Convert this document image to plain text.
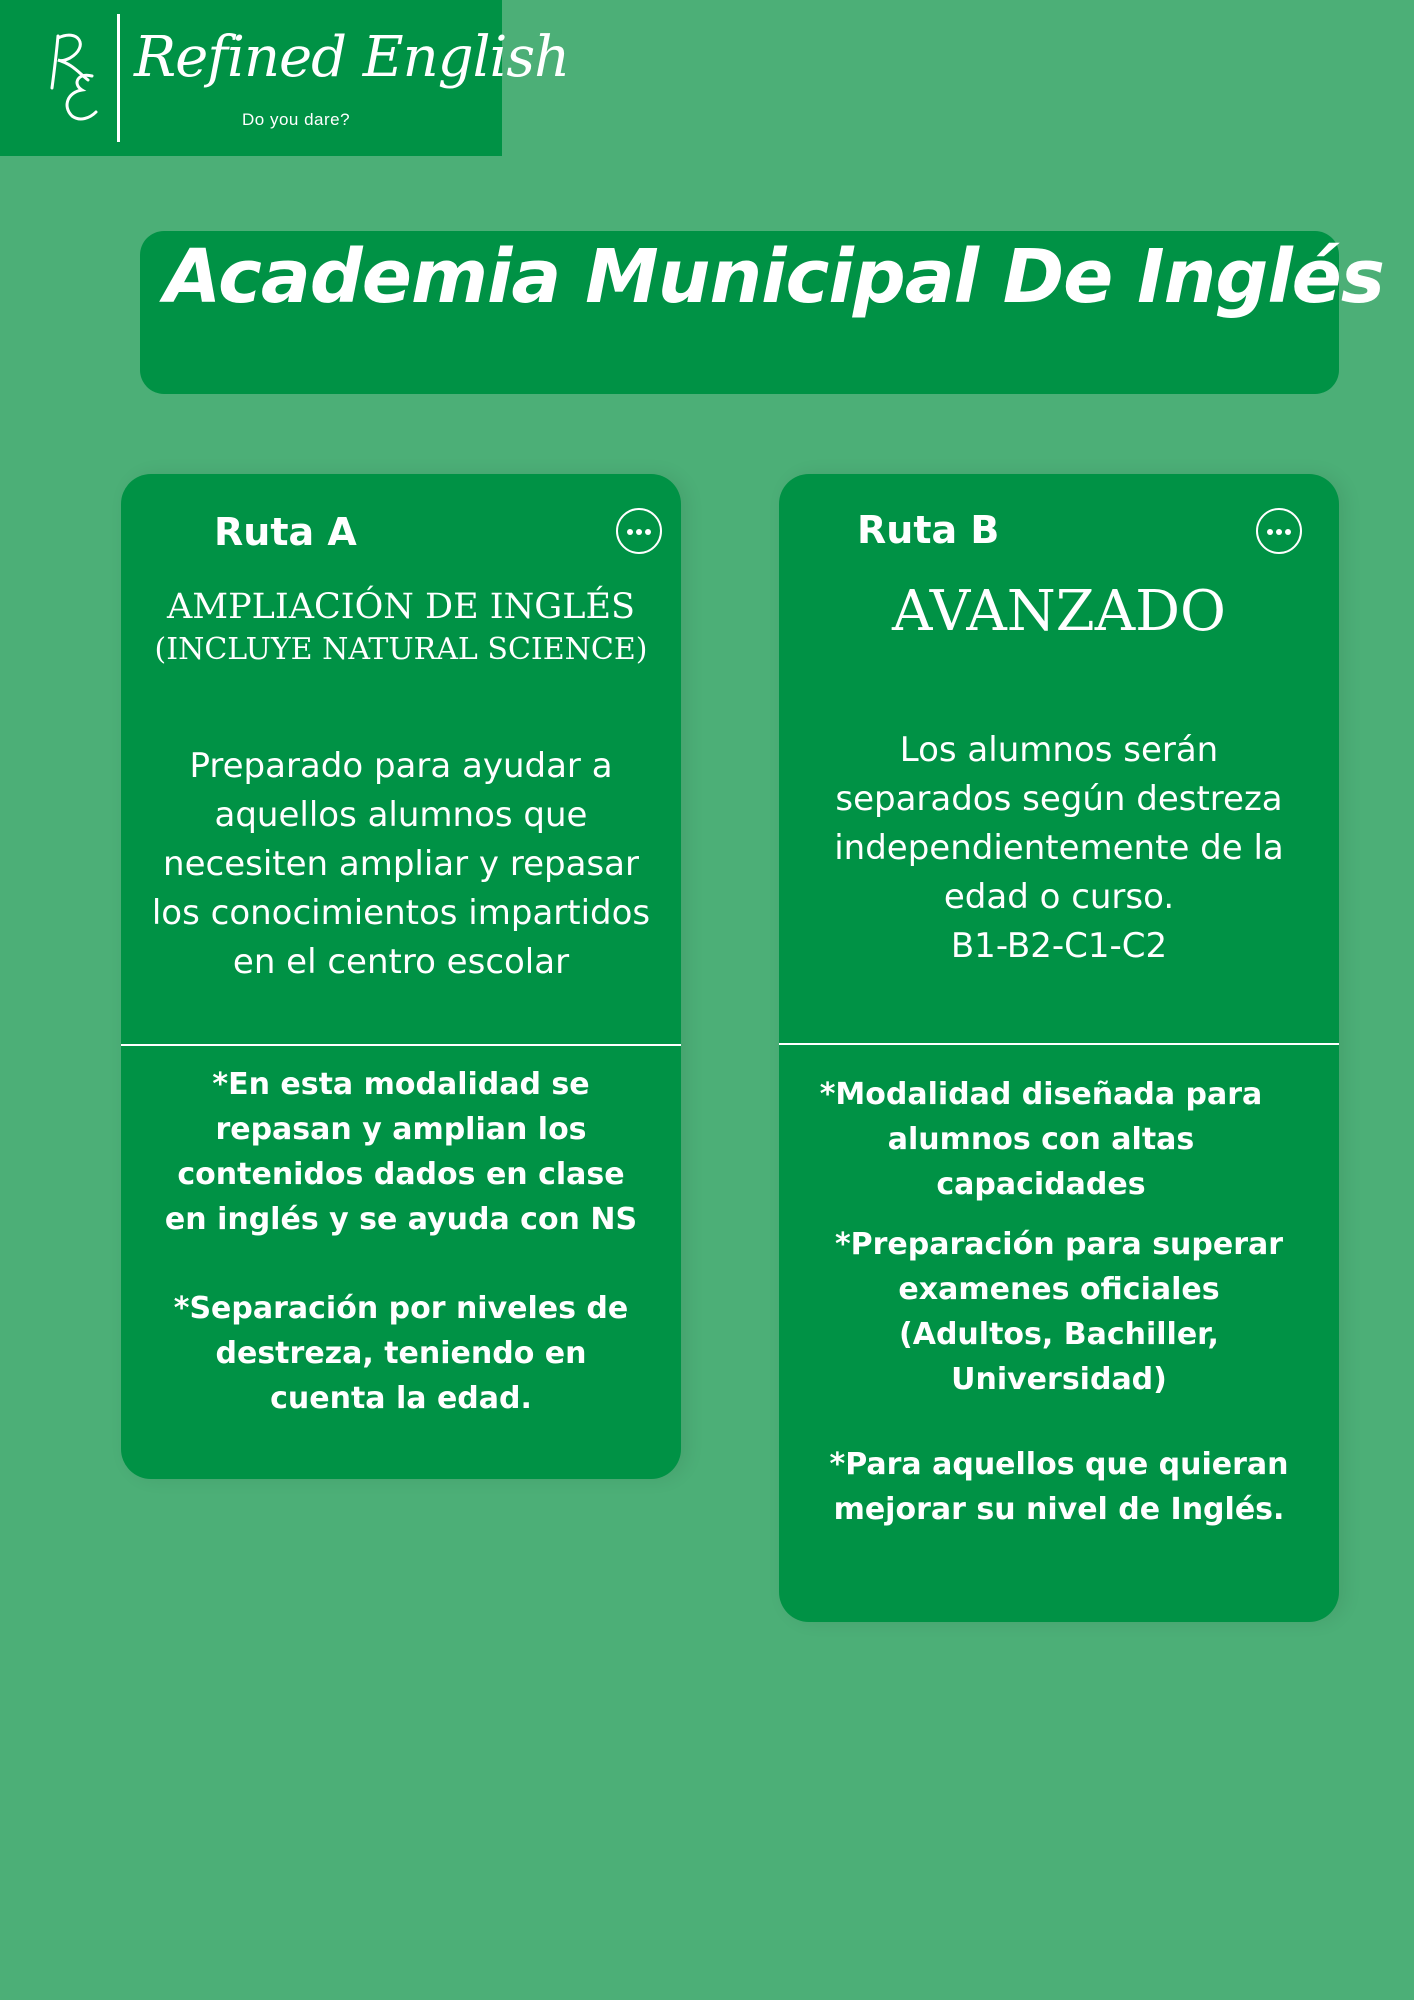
Refined English
Do you dare?
Academia Municipal De Inglés
Ruta A
AMPLIACIÓN DE INGLÉS
(INCLUYE NATURAL SCIENCE)
Preparado para ayudar a
aquellos alumnos que
necesiten ampliar y repasar
los conocimientos impartidos
en el centro escolar
*En esta modalidad se
repasan y amplian los
contenidos dados en clase
en inglés y se ayuda con NS
*Separación por niveles de
destreza, teniendo en
cuenta la edad.
Ruta B
AVANZADO
Los alumnos serán
separados según destreza
independientemente de la
edad o curso.
B1-B2-C1-C2
*Modalidad diseñada para
alumnos con altas
capacidades
*Preparación para superar
examenes oficiales
(Adultos, Bachiller,
Universidad)
*Para aquellos que quieran
mejorar su nivel de Inglés.
